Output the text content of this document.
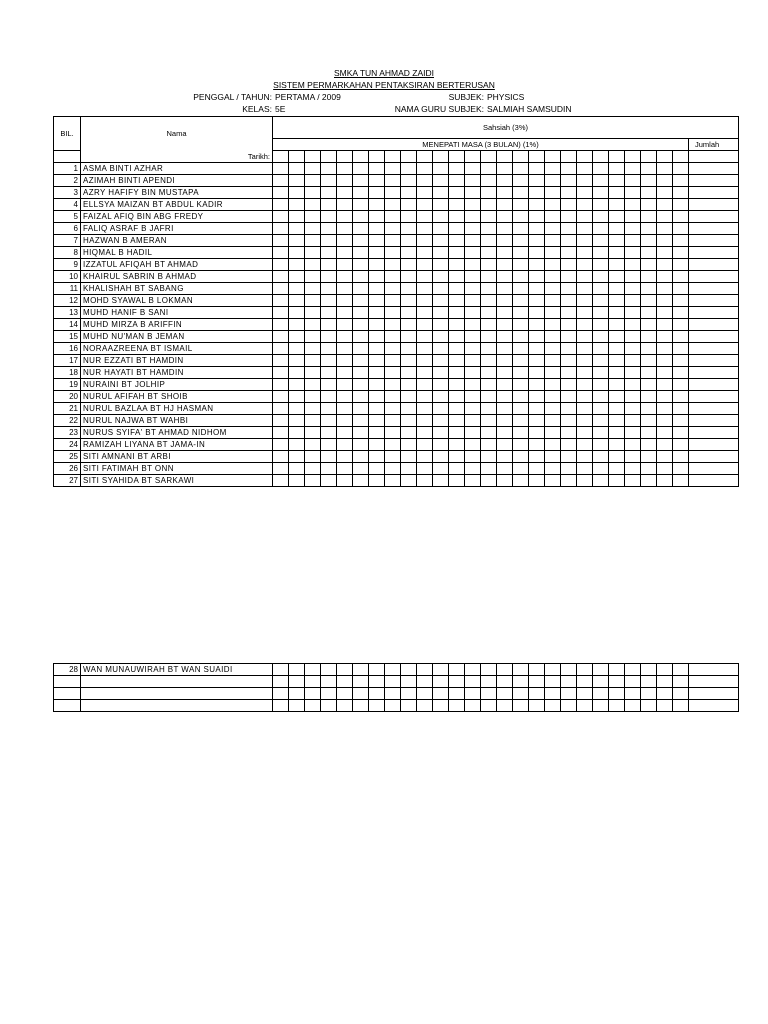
SMKA TUN AHMAD ZAIDI
SISTEM PERMARKAHAN PENTAKSIRAN BERTERUSAN
PENGGAL / TAHUN: PERTAMA / 2009	SUBJEK: PHYSICS
KELAS: 5E	NAMA GURU SUBJEK: SALMIAH SAMSUDIN
BIL.	Nama	Sahsiah (3%)																										
		MENEPATI MASA (3 BULAN) (1%)																										Jumlah
	Tarikh:																											
1	ASMA BINTI AZHAR																											
2	AZIMAH BINTI APENDI																											
3	AZRY HAFIFY BIN MUSTAPA																											
4	ELLSYA MAIZAN BT ABDUL KADIR																											
5	FAIZAL AFIQ BIN ABG FREDY																											
6	FALIQ ASRAF B JAFRI																											
7	HAZWAN B AMERAN																											
8	HIQMAL B HADIL																											
9	IZZATUL AFIQAH BT AHMAD																											
10	KHAIRUL SABRIN B AHMAD																											
11	KHALISHAH BT SABANG																											
12	MOHD SYAWAL B LOKMAN																											
13	MUHD HANIF B SANI																											
14	MUHD MIRZA B ARIFFIN																											
15	MUHD NU'MAN B JEMAN																											
16	NORAAZREENA BT ISMAIL																											
17	NUR EZZATI BT HAMDIN																											
18	NUR HAYATI BT HAMDIN																											
19	NURAINI BT JOLHIP																											
20	NURUL AFIFAH BT SHOIB																											
21	NURUL BAZLAA BT HJ HASMAN																											
22	NURUL NAJWA BT WAHBI																											
23	NURUS SYIFA' BT AHMAD NIDHOM																											
24	RAMIZAH LIYANA BT JAMA-IN																											
25	SITI AMNANI BT ARBI																											
26	SITI FATIMAH BT ONN																											
27	SITI SYAHIDA BT SARKAWI																											
28	WAN MUNAUWIRAH BT WAN SUAIDI																											
